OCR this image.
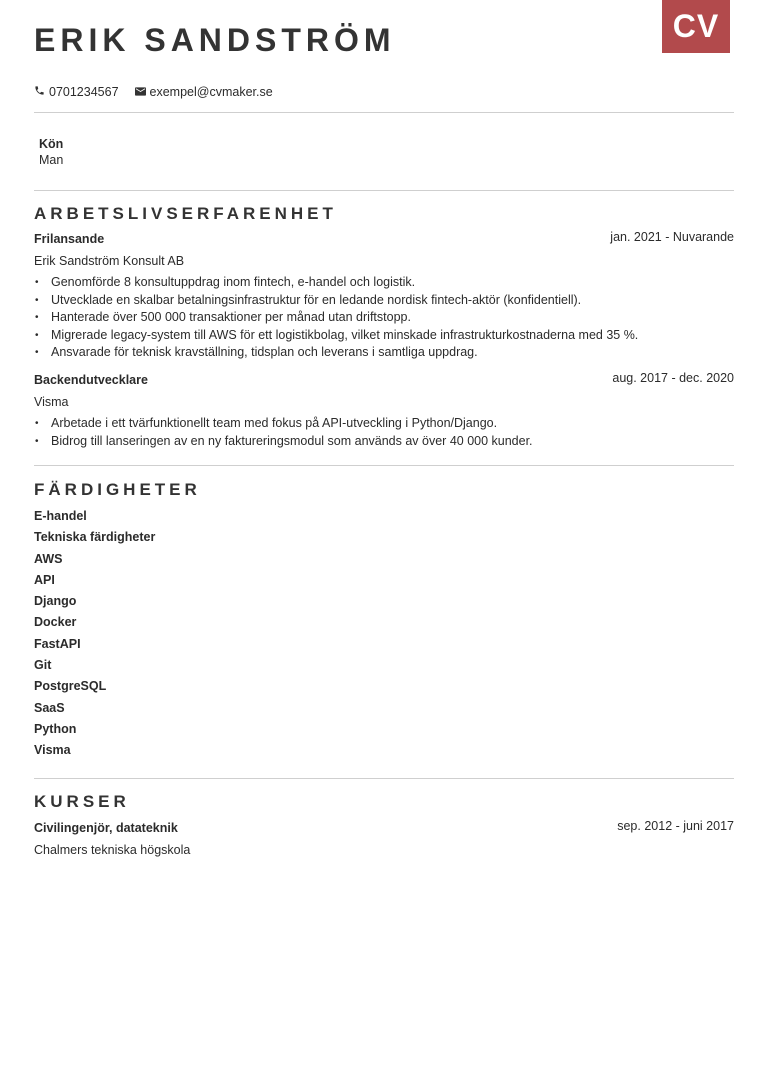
CV
ERIK SANDSTRÖM
0701234567 exempel@cvmaker.se
Kön
Man
ARBETSLIVSERFARENHET
Frilansande	jan. 2021 - Nuvarande
Erik Sandström Konsult AB
• Genomförde 8 konsultuppdrag inom fintech, e-handel och logistik.
• Utvecklade en skalbar betalningsinfrastruktur för en ledande nordisk fintech-aktör (konfidentiell).
• Hanterade över 500 000 transaktioner per månad utan driftstopp.
• Migrerade legacy-system till AWS för ett logistikbolag, vilket minskade infrastrukturkostnaderna med 35 %.
• Ansvarade för teknisk kravställning, tidsplan och leverans i samtliga uppdrag.
Backendutvecklare	aug. 2017 - dec. 2020
Visma
• Arbetade i ett tvärfunktionellt team med fokus på API-utveckling i Python/Django.
• Bidrog till lanseringen av en ny faktureringsmodul som används av över 40 000 kunder.
FÄRDIGHETER
E-handel
Tekniska färdigheter
AWS
API
Django
Docker
FastAPI
Git
PostgreSQL
SaaS
Python
Visma
KURSER
Civilingenjör, datateknik	sep. 2012 - juni 2017
Chalmers tekniska högskola
